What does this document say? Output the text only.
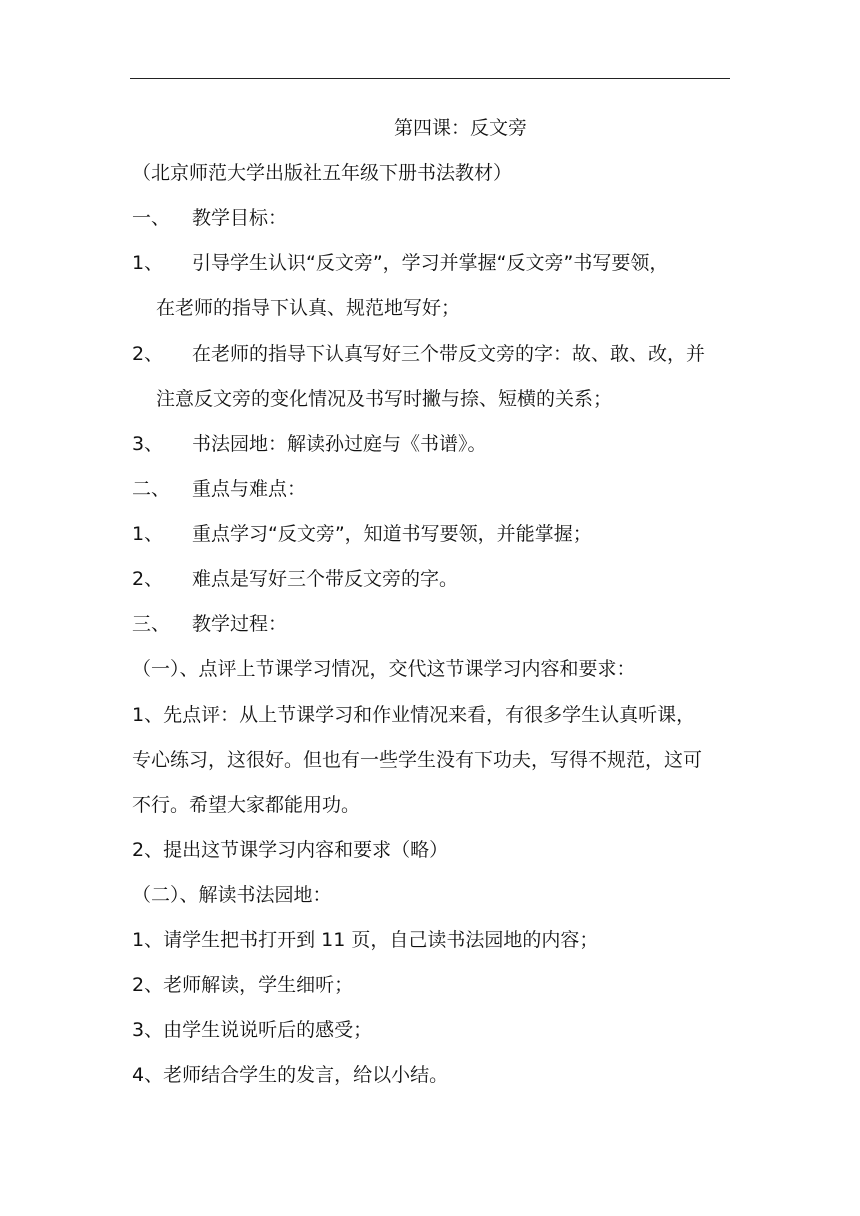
第四课：反文旁
（北京师范大学出版社五年级下册书法教材）
一、 教学目标：
1、 引导学生认识“反文旁”，学习并掌握“反文旁”书写要领，
在老师的指导下认真、规范地写好；
2、 在老师的指导下认真写好三个带反文旁的字：故、敢、改，并
注意反文旁的变化情况及书写时撇与捺、短横的关系；
3、 书法园地：解读孙过庭与《书谱》。
二、 重点与难点：
1、 重点学习“反文旁”，知道书写要领，并能掌握；
2、 难点是写好三个带反文旁的字。
三、 教学过程：
（一）、点评上节课学习情况，交代这节课学习内容和要求：
1、先点评：从上节课学习和作业情况来看，有很多学生认真听课，
专心练习，这很好。但也有一些学生没有下功夫，写得不规范，这可
不行。希望大家都能用功。
2、提出这节课学习内容和要求（略）
（二）、解读书法园地：
1、请学生把书打开到 11 页，自己读书法园地的内容；
2、老师解读，学生细听；
3、由学生说说听后的感受；
4、老师结合学生的发言，给以小结。
